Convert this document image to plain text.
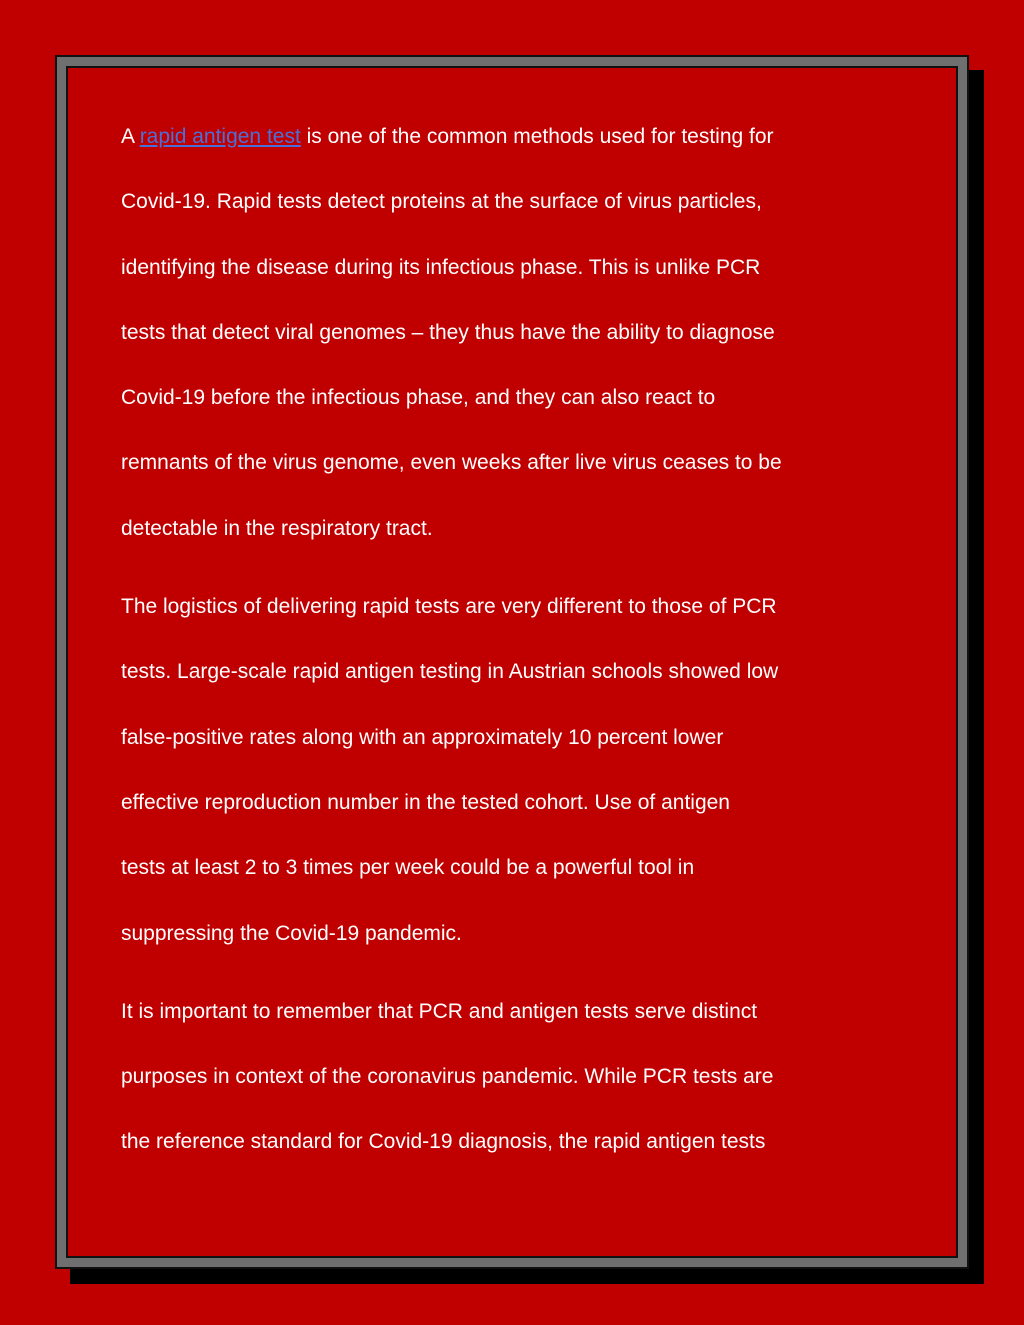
A rapid antigen test is one of the common methods used for testing for
Covid-19. Rapid tests detect proteins at the surface of virus particles,
identifying the disease during its infectious phase. This is unlike PCR
tests that detect viral genomes – they thus have the ability to diagnose
Covid-19 before the infectious phase, and they can also react to
remnants of the virus genome, even weeks after live virus ceases to be
detectable in the respiratory tract.
The logistics of delivering rapid tests are very different to those of PCR
tests. Large-scale rapid antigen testing in Austrian schools showed low
false-positive rates along with an approximately 10 percent lower
effective reproduction number in the tested cohort. Use of antigen
tests at least 2 to 3 times per week could be a powerful tool in
suppressing the Covid-19 pandemic.
It is important to remember that PCR and antigen tests serve distinct
purposes in context of the coronavirus pandemic. While PCR tests are
the reference standard for Covid-19 diagnosis, the rapid antigen tests
